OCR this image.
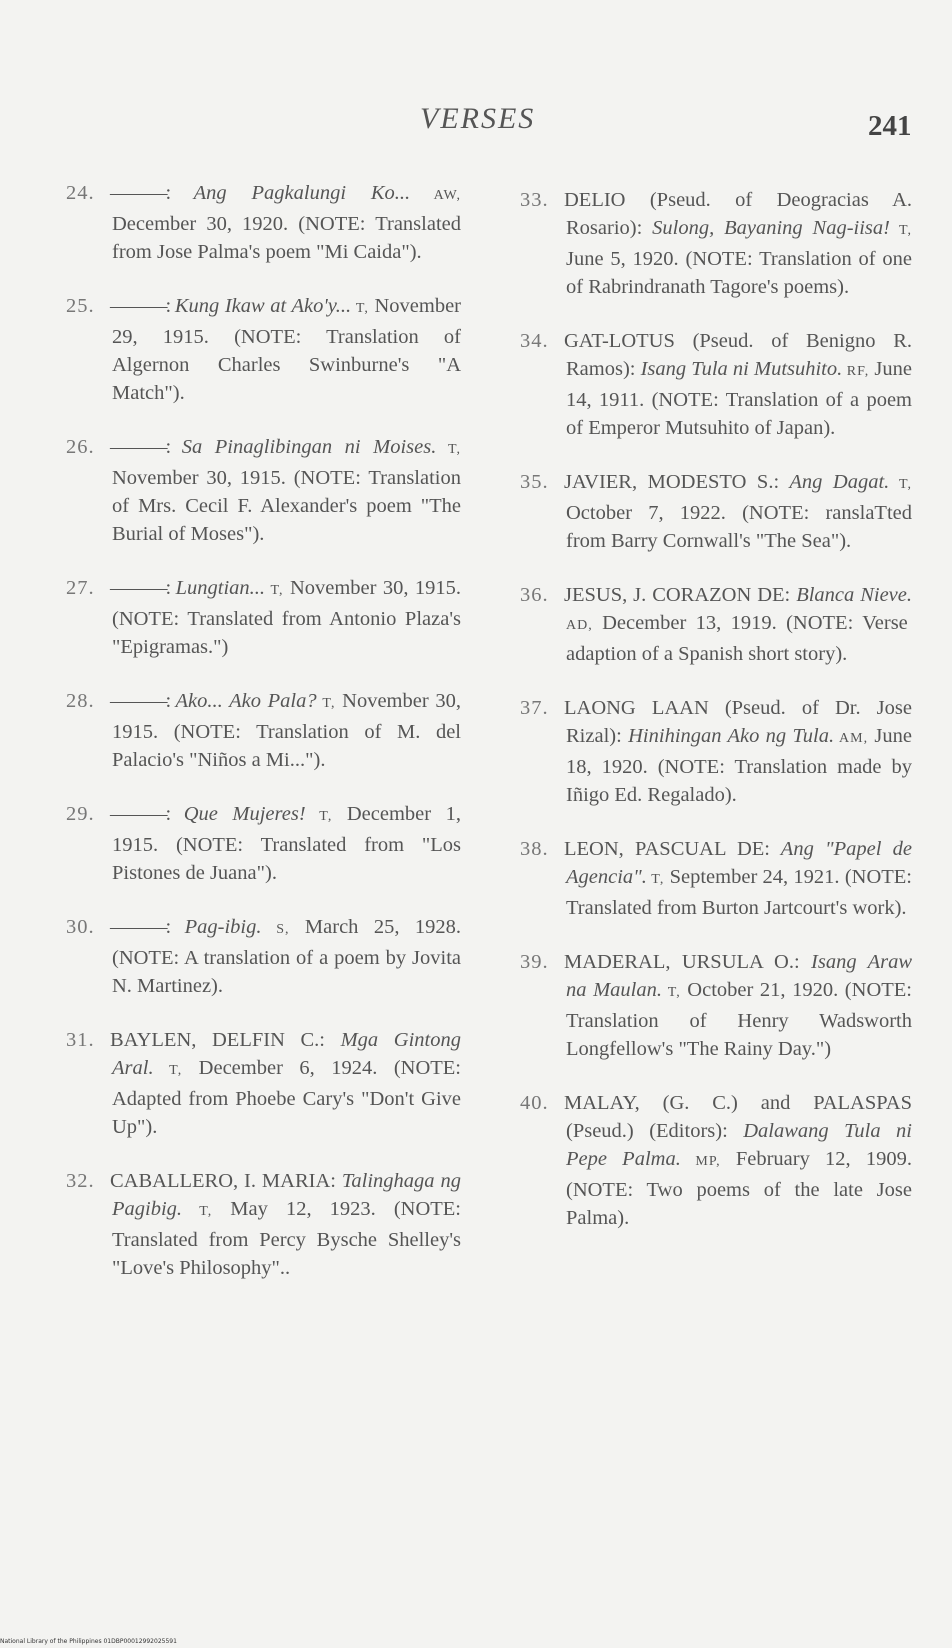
VERSES	241

24. ———: Ang Pagkalungi Ko... AW, December 30, 1920. (NOTE: Translated from Jose Palma's poem "Mi Caida").

25. ———: Kung Ikaw at Ako'y... T, November 29, 1915. (NOTE: Translation of Algernon Charles Swinburne's "A Match").

26. ———: Sa Pinaglibingan ni Moises. T, November 30, 1915. (NOTE: Translation of Mrs. Cecil F. Alexander's poem "The Burial of Moses").

27. ———: Lungtian... T, November 30, 1915. (NOTE: Translated from Antonio Plaza's "Epigramas.")

28. ———: Ako... Ako Pala? T, November 30, 1915. (NOTE: Translation of M. del Palacio's "Niños a Mi...").

29. ———: Que Mujeres! T, December 1, 1915. (NOTE: Translated from "Los Pistones de Juana").

30. ———: Pag-ibig. S, March 25, 1928. (NOTE: A translation of a poem by Jovita N. Martinez).

31. BAYLEN, DELFIN C.: Mga Gintong Aral. T, December 6, 1924. (NOTE: Adapted from Phoebe Cary's "Don't Give Up").

32. CABALLERO, I. MARIA: Talinghaga ng Pagibig. T, May 12, 1923. (NOTE: Translated from Percy Bysche Shelley's "Love's Philosophy"..

33. DELIO (Pseud. of Deogracias A. Rosario): Sulong, Bayaning Nag-iisa! T, June 5, 1920. (NOTE: Translation of one of Rabrindranath Tagore's poems).

34. GAT-LOTUS (Pseud. of Benigno R. Ramos): Isang Tula ni Mutsuhito. RF, June 14, 1911. (NOTE: Translation of a poem of Emperor Mutsuhito of Japan).

35. JAVIER, MODESTO S.: Ang Dagat. T, October 7, 1922. (NOTE: ranslaTted from Barry Cornwall's "The Sea").

36. JESUS, J. CORAZON DE: Blanca Nieve. AD, December 13, 1919. (NOTE: Verse adaption of a Spanish short story).

37. LAONG LAAN (Pseud. of Dr. Jose Rizal): Hinihingan Ako ng Tula. AM, June 18, 1920. (NOTE: Translation made by Iñigo Ed. Regalado).

38. LEON, PASCUAL DE: Ang "Papel de Agencia". T, September 24, 1921. (NOTE: Translated from Burton Jartcourt's work).

39. MADERAL, URSULA O.: Isang Araw na Maulan. T, October 21, 1920. (NOTE: Translation of Henry Wadsworth Longfellow's "The Rainy Day.")

40. MALAY, (G. C.) and PALASPAS (Pseud.) (Editors): Dalawang Tula ni Pepe Palma. MP, February 12, 1909. (NOTE: Two poems of the late Jose Palma).

National Library of the Philippines 01DBP00012992025591
